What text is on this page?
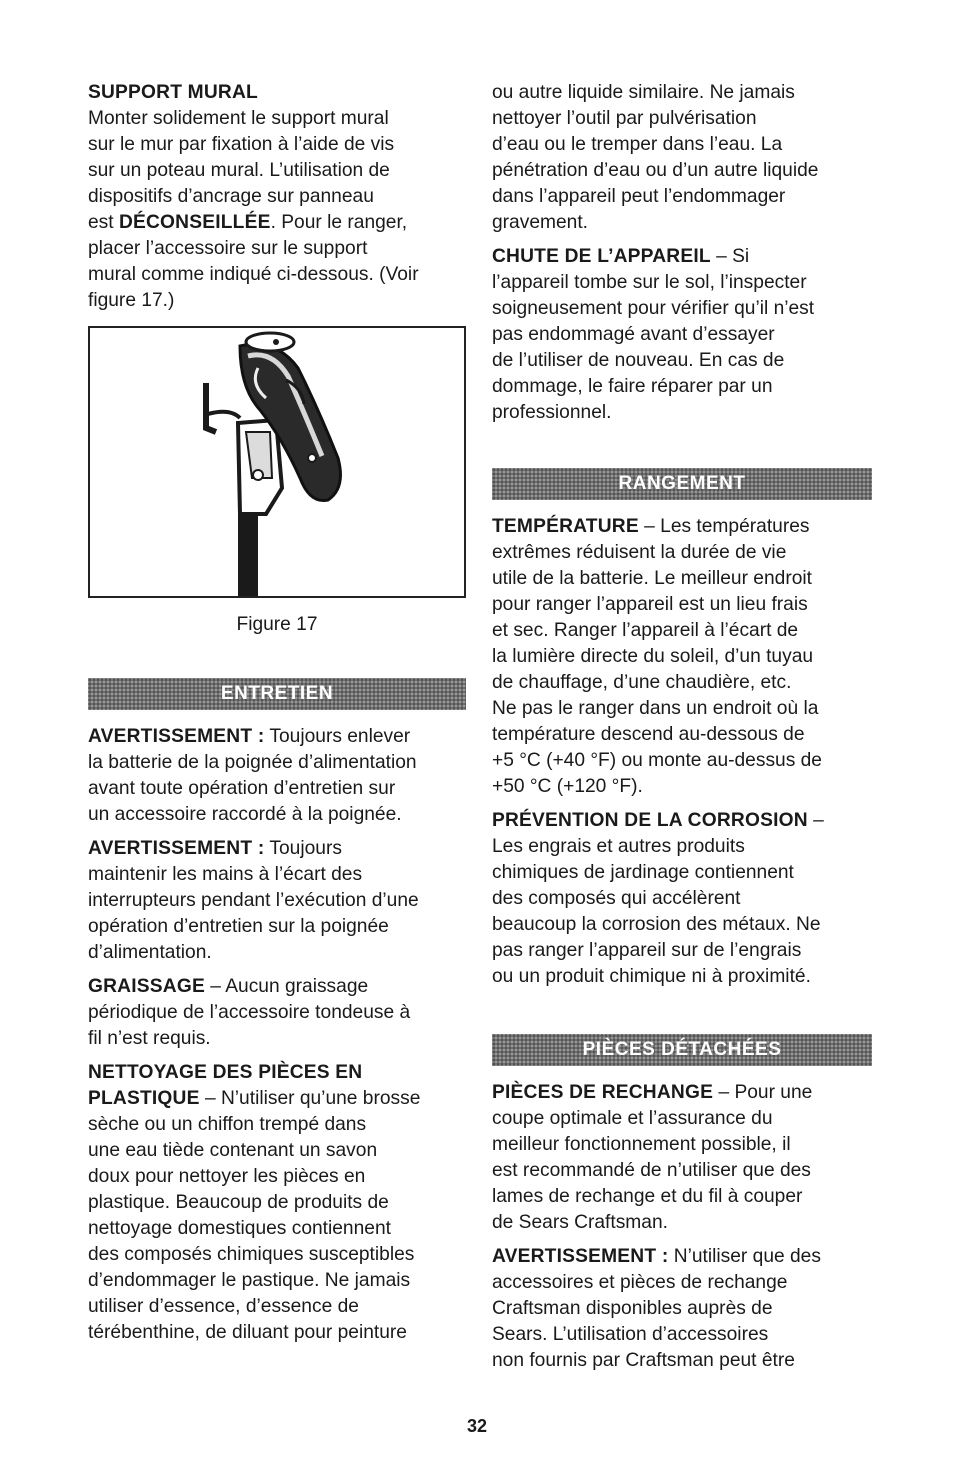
SUPPORT MURAL

Monter solidement le support mural

sur le mur par fixation à l’aide de vis

sur un poteau mural. L’utilisation de

dispositifs d’ancrage sur panneau

est DÉCONSEILLÉE. Pour le ranger,

placer l’accessoire sur le support

mural comme indiqué ci-dessous. (Voir

figure 17.)

Figure 17

ENTRETIEN

AVERTISSEMENT : Toujours enlever

la batterie de la poignée d’alimentation

avant toute opération d’entretien sur

un accessoire raccordé à la poignée.

AVERTISSEMENT : Toujours

maintenir les mains à l’écart des

interrupteurs pendant l’exécution d’une

opération d’entretien sur la poignée

d’alimentation.

GRAISSAGE – Aucun graissage

périodique de l’accessoire tondeuse à

fil n’est requis.

NETTOYAGE DES PIÈCES EN

PLASTIQUE – N’utiliser qu’une brosse

sèche ou un chiffon trempé dans

une eau tiède contenant un savon

doux pour nettoyer les pièces en

plastique. Beaucoup de produits de

nettoyage domestiques contiennent

des composés chimiques susceptibles

d’endommager le pastique. Ne jamais

utiliser d’essence, d’essence de

térébenthine, de diluant pour peinture

ou autre liquide similaire. Ne jamais

nettoyer l’outil par pulvérisation

d’eau ou le tremper dans l’eau. La

pénétration d’eau ou d’un autre liquide

dans l’appareil peut l’endommager

gravement.

CHUTE DE L’APPAREIL – Si

l’appareil tombe sur le sol, l’inspecter

soigneusement pour vérifier qu’il n’est

pas endommagé avant d’essayer

de l’utiliser de nouveau. En cas de

dommage, le faire réparer par un

professionnel.

RANGEMENT

TEMPÉRATURE – Les températures

extrêmes réduisent la durée de vie

utile de la batterie. Le meilleur endroit

pour ranger l’appareil est un lieu frais

et sec. Ranger l’appareil à l’écart de

la lumière directe du soleil, d’un tuyau

de chauffage, d’une chaudière, etc.

Ne pas le ranger dans un endroit où la

température descend au-dessous de

+5 °C (+40 °F) ou monte au-dessus de

+50 °C (+120 °F).

PRÉVENTION DE LA CORROSION –

Les engrais et autres produits

chimiques de jardinage contiennent

des composés qui accélèrent

beaucoup la corrosion des métaux. Ne

pas ranger l’appareil sur de l’engrais

ou un produit chimique ni à proximité.

PIÈCES DÉTACHÉES

PIÈCES DE RECHANGE – Pour une

coupe optimale et l’assurance du

meilleur fonctionnement possible, il

est recommandé de n’utiliser que des

lames de rechange et du fil à couper

de Sears Craftsman.

AVERTISSEMENT : N’utiliser que des

accessoires et pièces de rechange

Craftsman disponibles auprès de

Sears. L’utilisation d’accessoires

non fournis par Craftsman peut être

32
